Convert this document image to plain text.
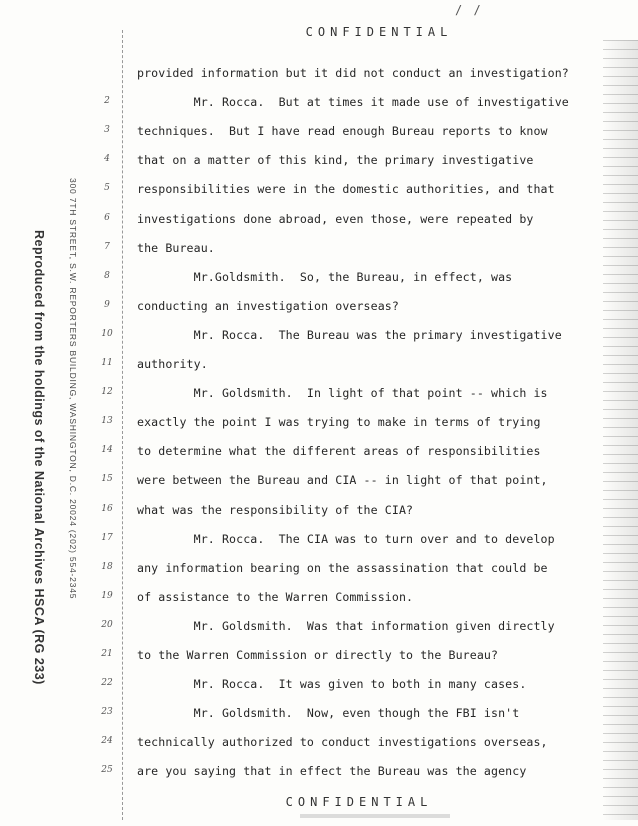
/ /
CONFIDENTIAL
Reproduced from the holdings of the National Archives HSCA (RG 233)	300 7TH STREET, S.W. REPORTERS BUILDING, WASHINGTON, D.C. 20024 (202) 554-2345
provided information but it did not conduct an investigation?
2	Mr. Rocca.  But at times it made use of investigative
3	techniques.  But I have read enough Bureau reports to know
4	that on a matter of this kind, the primary investigative
5	responsibilities were in the domestic authorities, and that
6	investigations done abroad, even those, were repeated by
7	the Bureau.
8	Mr.Goldsmith.  So, the Bureau, in effect, was
9	conducting an investigation overseas?
10 Mr. Rocca.  The Bureau was the primary investigative
11 authority.
12 Mr. Goldsmith.  In light of that point -- which is
13 exactly the point I was trying to make in terms of trying
14 to determine what the different areas of responsibilities
15 were between the Bureau and CIA -- in light of that point,
16 what was the responsibility of the CIA?
17 Mr. Rocca.  The CIA was to turn over and to develop
18 any information bearing on the assassination that could be
19 of assistance to the Warren Commission.
20 Mr. Goldsmith.  Was that information given directly
21 to the Warren Commission or directly to the Bureau?
22 Mr. Rocca.  It was given to both in many cases.
23 Mr. Goldsmith.  Now, even though the FBI isn't
24 technically authorized to conduct investigations overseas,
25 are you saying that in effect the Bureau was the agency
CONFIDENTIAL
